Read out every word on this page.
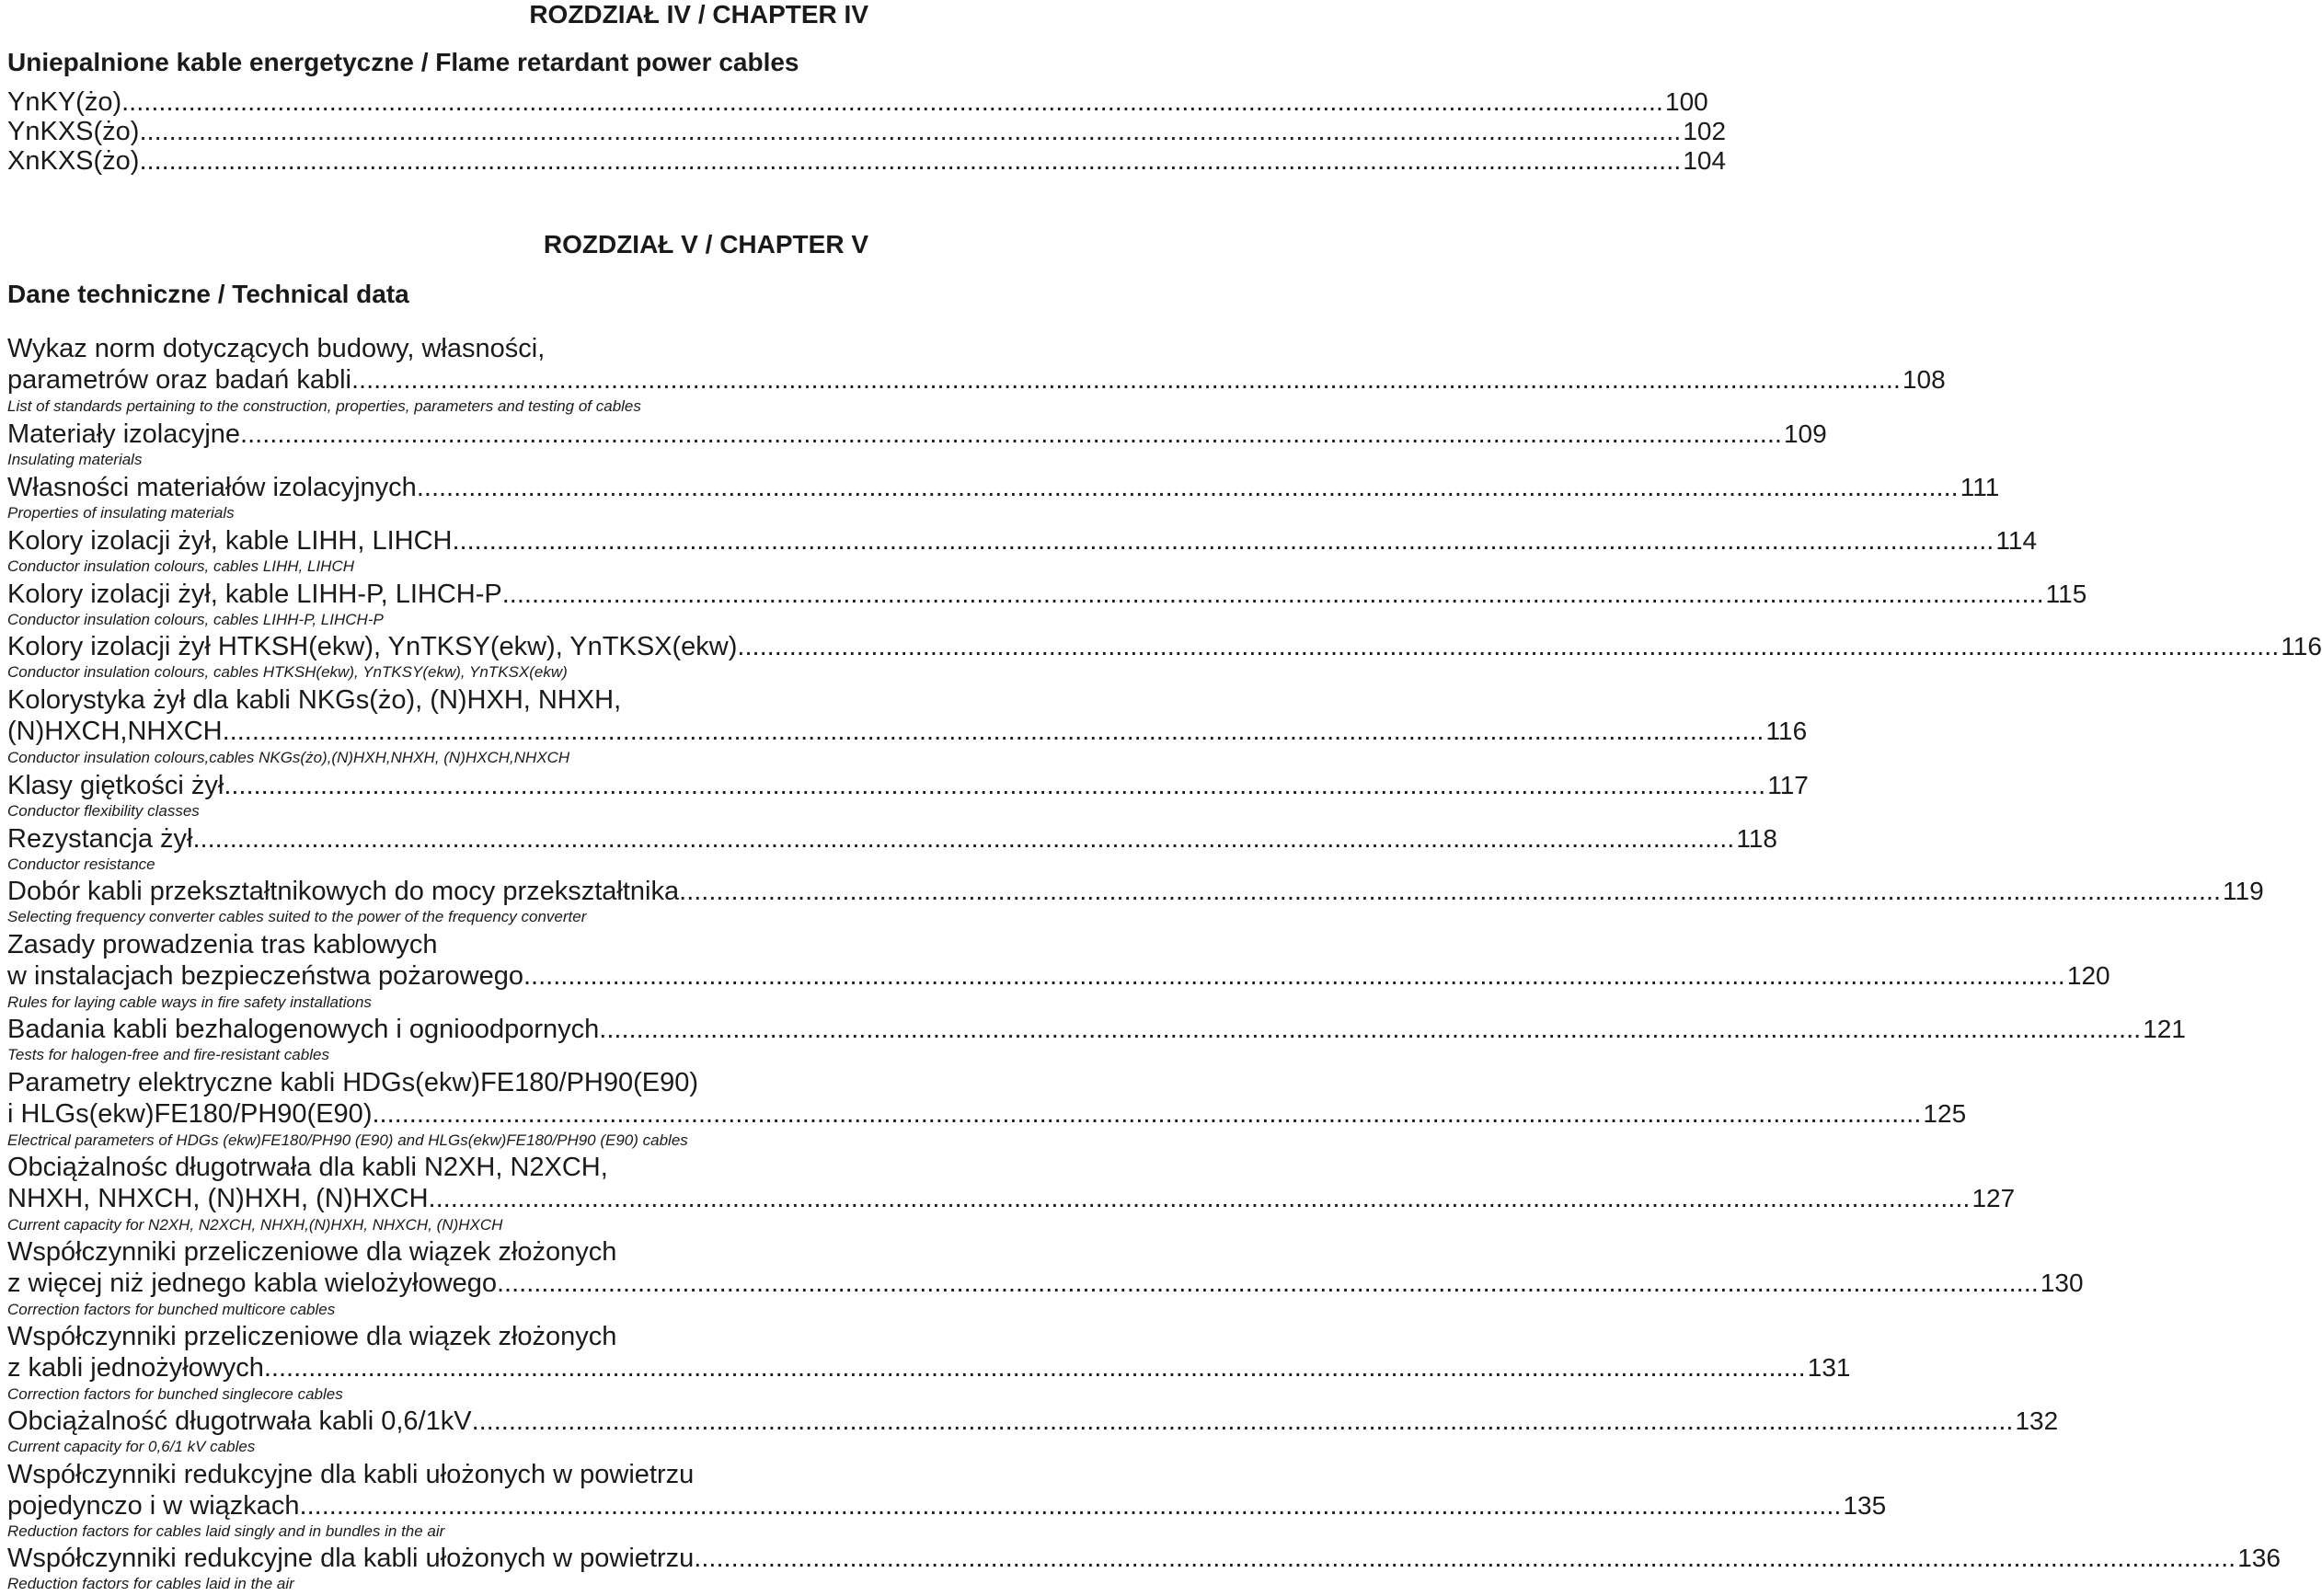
ROZDZIAŁ IV / CHAPTER IV
Uniepalnione kable energetyczne / Flame retardant power cables
YnKY(żo) .....	100
YnKXS(żo) .....	102
XnKXS(żo) .....	104
ROZDZIAŁ V / CHAPTER V
Dane techniczne / Technical data
Wykaz norm dotyczących budowy, własności,
parametrów oraz badań kabli. .....	108
List of standards pertaining to the construction, properties, parameters and testing of cables
Materiały izolacyjne .....	109
Insulating materials
Własności materiałów izolacyjnych .....	111
Properties of insulating materials
Kolory izolacji żył, kable LIHH, LIHCH .....	114
Conductor insulation colours, cables LIHH, LIHCH
Kolory izolacji żył, kable LIHH-P, LIHCH-P .....	115
Conductor insulation colours, cables LIHH-P, LIHCH-P
Kolory izolacji żył HTKSH(ekw), YnTKSY(ekw), YnTKSX(ekw) .....	116
Conductor insulation colours, cables HTKSH(ekw), YnTKSY(ekw), YnTKSX(ekw)
Kolorystyka żył dla kabli NKGs(żo), (N)HXH, NHXH,
(N)HXCH,NHXCH .....	116
Conductor insulation colours,cables NKGs(żo),(N)HXH,NHXH, (N)HXCH,NHXCH
Klasy giętkości żył .....	117
Conductor flexibility classes
Rezystancja żył .....	118
Conductor resistance
Dobór kabli przekształtnikowych do mocy przekształtnika .....	119
Selecting frequency converter cables suited to the power of the frequency converter
Zasady prowadzenia tras kablowych
w instalacjach bezpieczeństwa pożarowego .....	120
Rules for laying cable ways in fire safety installations
Badania kabli bezhalogenowych i ognioodpornych .....	121
Tests for halogen-free and fire-resistant cables
Parametry elektryczne kabli HDGs(ekw)FE180/PH90(E90)
i HLGs(ekw)FE180/PH90(E90). .....	125
Electrical parameters of HDGs (ekw)FE180/PH90 (E90) and HLGs(ekw)FE180/PH90 (E90) cables
Obciążalnośc długotrwała dla kabli N2XH, N2XCH,
NHXH, NHXCH, (N)HXH, (N)HXCH .....	127
Current capacity for N2XH, N2XCH, NHXH,(N)HXH, NHXCH, (N)HXCH
Współczynniki przeliczeniowe dla wiązek złożonych
z więcej niż jednego kabla wielożyłowego .....	130
Correction factors for bunched multicore cables
Współczynniki przeliczeniowe dla wiązek złożonych
z kabli jednożyłowych .....	131
Correction factors for bunched singlecore cables
Obciążalność długotrwała kabli 0,6/1kV .....	132
Current capacity for 0,6/1 kV cables
Współczynniki redukcyjne dla kabli ułożonych w powietrzu
pojedynczo i w wiązkach .....	135
Reduction factors for cables laid singly and in bundles in the air
Współczynniki redukcyjne dla kabli ułożonych w powietrzu .....	136
Reduction factors for cables laid in the air
